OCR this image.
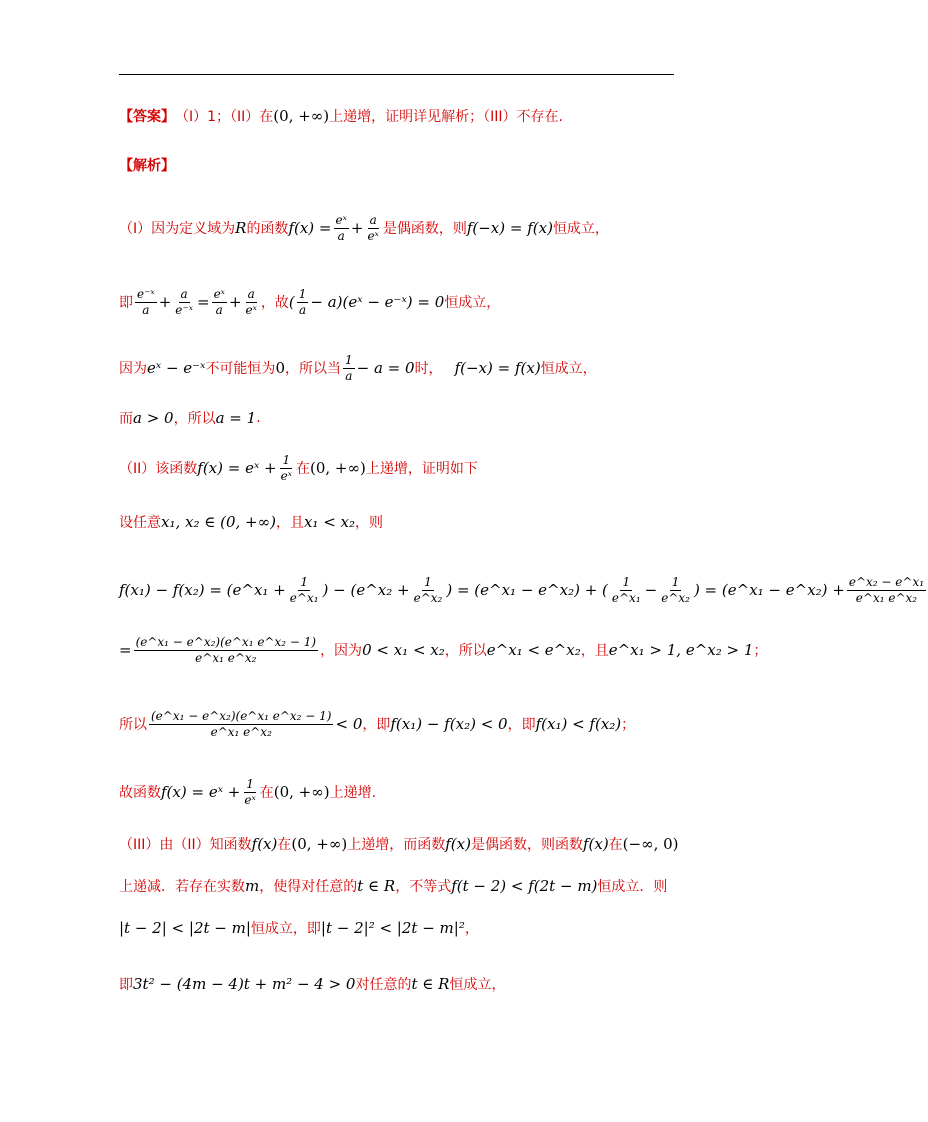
【答案】 （I）1；（II）在 (0, +∞) 上递增，证明详见解析；（III）不存在.
【解析】
（I）因为定义域为 R 的函数 $f(x) = \frac{\text{eˣ}}{a} + \frac{a}{\text{eˣ}}$ 是偶函数，则 f(−x) = f(x) 恒成立，
即 $\frac{\text{e⁻ˣ}}{a} + \frac{a}{\text{e⁻ˣ}} = \frac{\text{eˣ}}{a} + \frac{a}{\text{eˣ}}$ ，故 ( $\frac{1}{a}$ − a)(eˣ − e⁻ˣ) = 0 恒成立，
因为 eˣ − e⁻ˣ 不可能恒为 0 ，所以当 $\frac{1}{a} - a = 0$ 时， f(−x) = f(x) 恒成立，
而 a > 0 ，所以 a = 1 .
（II）该函数 f(x) = eˣ + $\frac{1}{\text{eˣ}}$ 在 (0, +∞) 上递增，证明如下
设任意 x₁, x₂ ∈ (0, +∞) ，且 x₁ < x₂ ，则
f(x₁) − f(x₂) = (e^x₁ + $\frac{1}{\text{e\textasciicircum{}x₁}}$ ) − (e^x₂ + $\frac{1}{\text{e\textasciicircum{}x₂}}$ ) = (e^x₁ − e^x₂) + ( $\frac{1}{\text{e\textasciicircum{}x₁}} - \frac{1}{\text{e\textasciicircum{}x₂}}$ ) = (e^x₁ − e^x₂) + $\frac{\text{e\textasciicircum{}x₂ − e\textasciicircum{}x₁}}{\text{e\textasciicircum{}x₁ e\textasciicircum{}x₂}}$
= $\frac{\text{(e\textasciicircum{}x₁ − e\textasciicircum{}x₂)(e\textasciicircum{}x₁ e\textasciicircum{}x₂ − 1)}}{\text{e\textasciicircum{}x₁ e\textasciicircum{}x₂}}$ ，因为 0 < x₁ < x₂ ，所以 e^x₁ < e^x₂ ，且 e^x₁ > 1, e^x₂ > 1 ；
所以 $\frac{\text{(e\textasciicircum{}x₁ − e\textasciicircum{}x₂)(e\textasciicircum{}x₁ e\textasciicircum{}x₂ − 1)}}{\text{e\textasciicircum{}x₁ e\textasciicircum{}x₂}} < 0$ ，即 f(x₁) − f(x₂) < 0 ，即 f(x₁) < f(x₂) ；
故函数 f(x) = eˣ + $\frac{1}{\text{eˣ}}$ 在 (0, +∞) 上递增.
（III）由（II）知函数 f(x) 在 (0, +∞) 上递增，而函数 f(x) 是偶函数，则函数 f(x) 在 (−∞, 0)
上递减．若存在实数 m ，使得对任意的 t ∈ R ，不等式 f(t − 2) < f(2t − m) 恒成立．则
|t − 2| < |2t − m| 恒成立，即 |t − 2|² < |2t − m|² ，
即 3t² − (4m − 4)t + m² − 4 > 0 对任意的 t ∈ R 恒成立，
